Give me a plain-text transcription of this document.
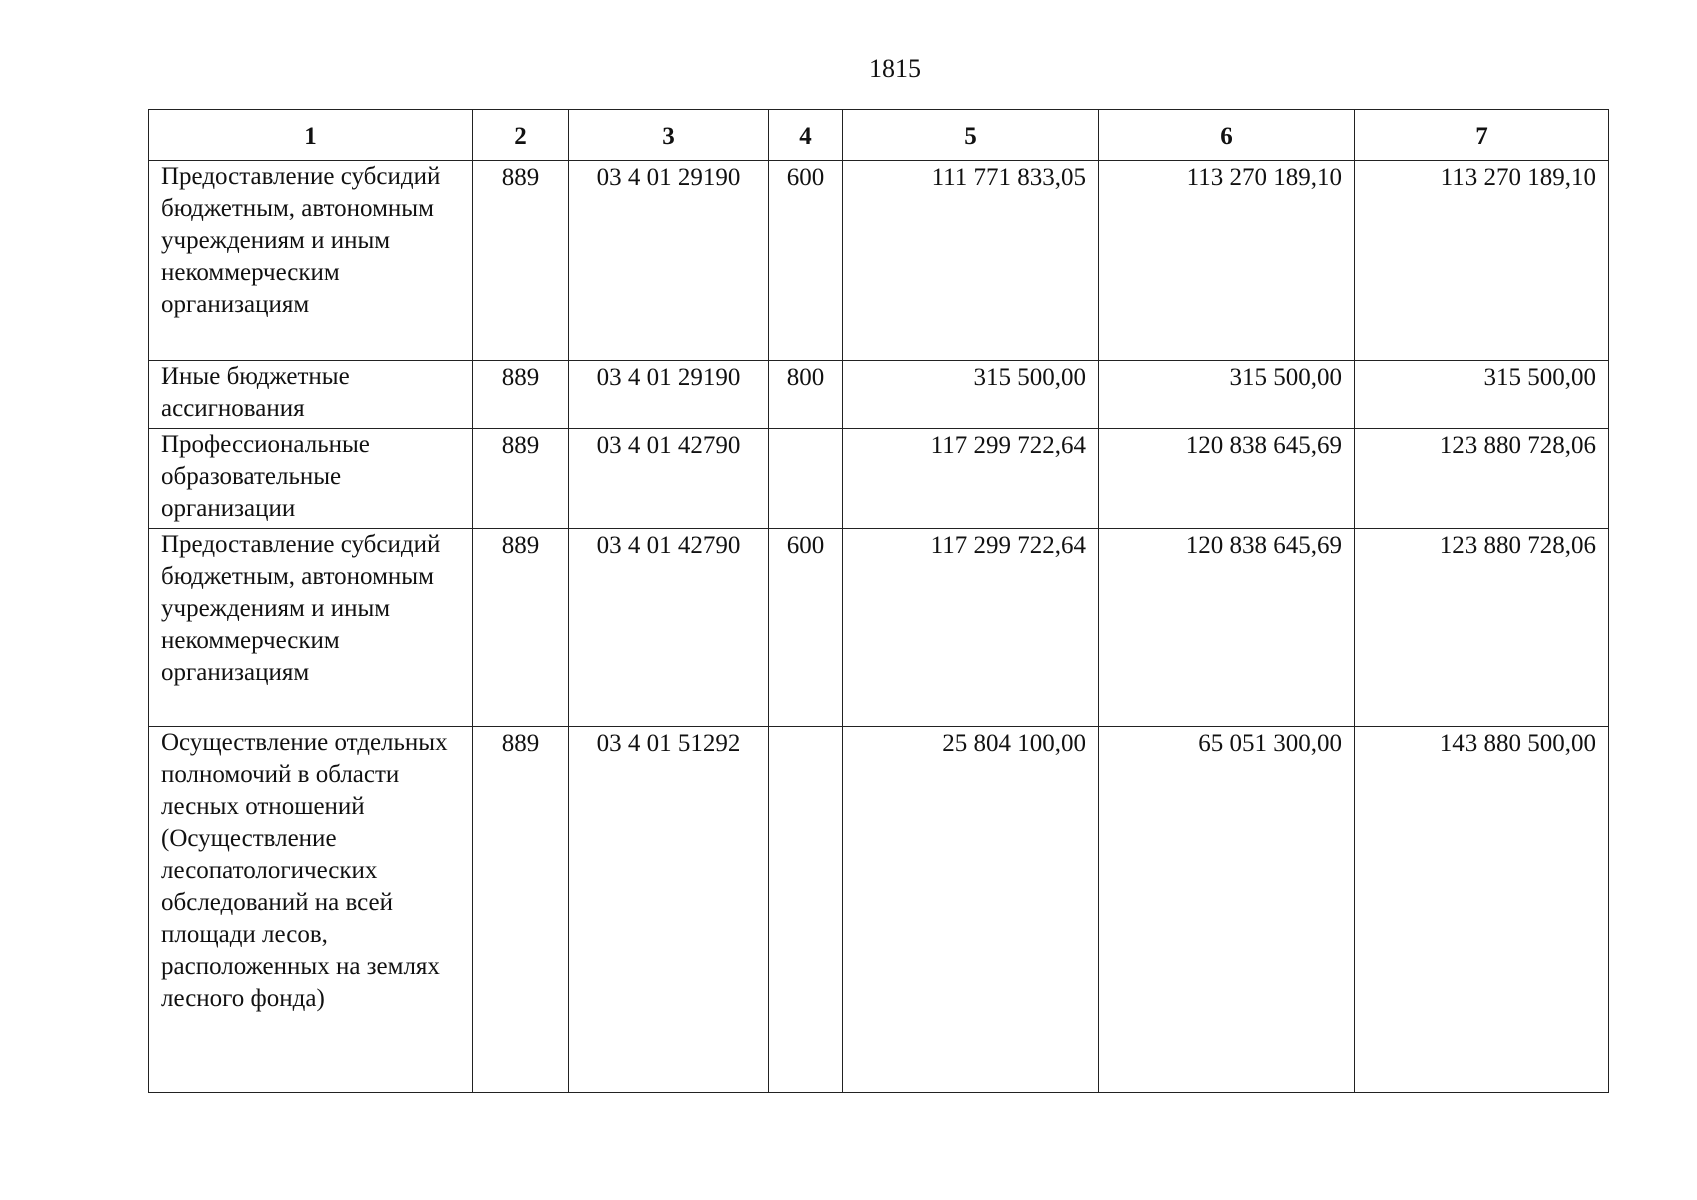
1815
1	2	3	4	5	6	7
Предоставление субсидий бюджетным, автономным учреждениям и иным некоммерческим организациям	889	03 4 01 29190	600	111 771 833,05	113 270 189,10	113 270 189,10
Иные бюджетные ассигнования	889	03 4 01 29190	800	315 500,00	315 500,00	315 500,00
Профессиональные образовательные организации	889	03 4 01 42790		117 299 722,64	120 838 645,69	123 880 728,06
Предоставление субсидий бюджетным, автономным учреждениям и иным некоммерческим организациям	889	03 4 01 42790	600	117 299 722,64	120 838 645,69	123 880 728,06
Осуществление отдельных полномочий в области лесных отношений (Осуществление лесопатологических обследований на всей площади лесов, расположенных на землях лесного фонда)	889	03 4 01 51292		25 804 100,00	65 051 300,00	143 880 500,00
